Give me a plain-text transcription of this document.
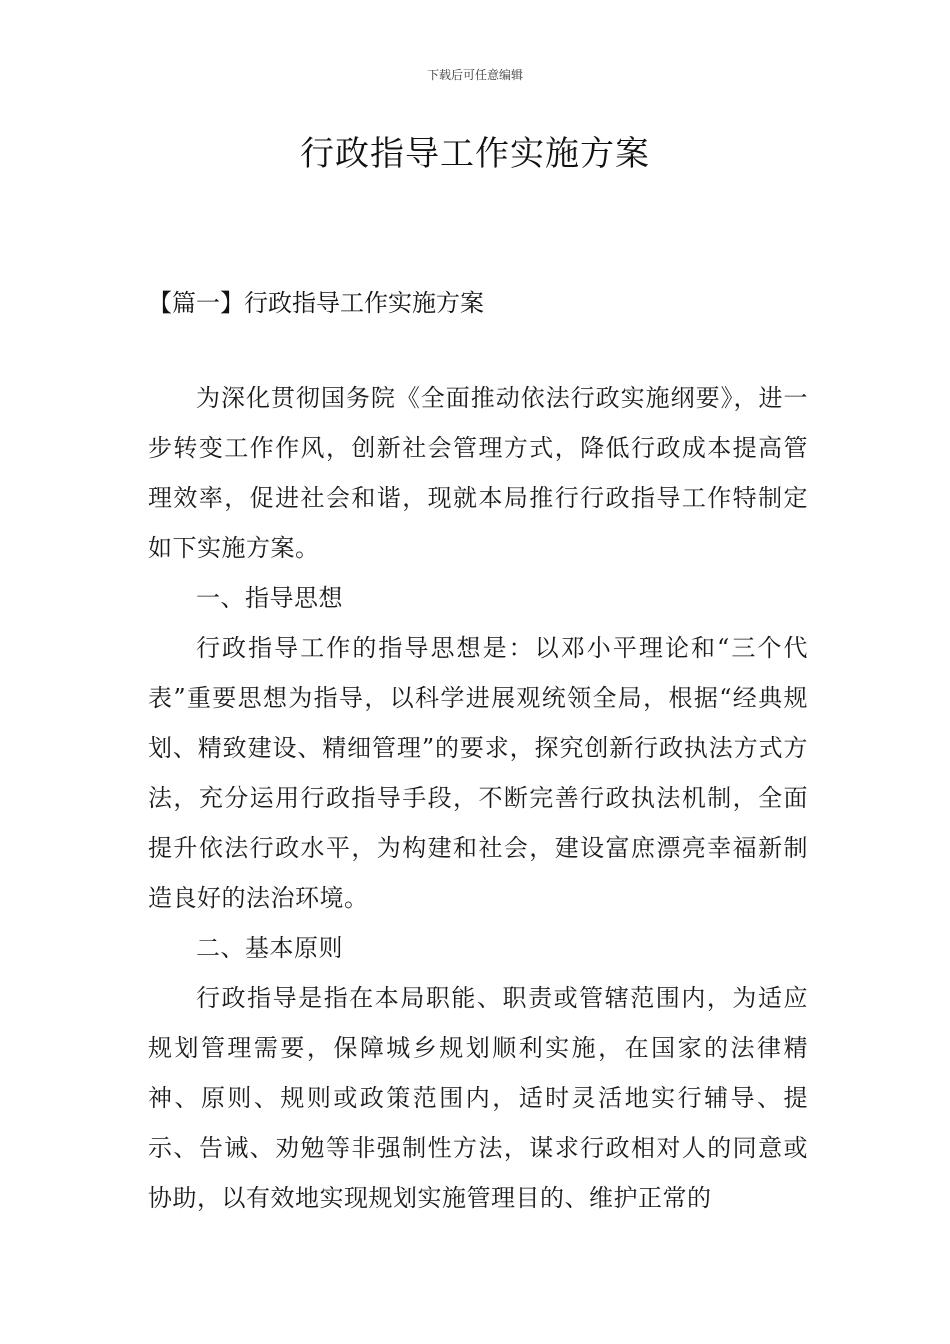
下载后可任意编辑
行政指导工作实施方案
【篇一】行政指导工作实施方案

为深化贯彻国务院《全面推动依法行政实施纲要》，进一步转变工作作风，创新社会管理方式，降低行政成本提高管理效率，促进社会和谐，现就本局推行行政指导工作特制定如下实施方案。

一、指导思想

行政指导工作的指导思想是：以邓小平理论和“三个代表”重要思想为指导，以科学进展观统领全局，根据“经典规划、精致建设、精细管理”的要求，探究创新行政执法方式方法，充分运用行政指导手段，不断完善行政执法机制，全面提升依法行政水平，为构建和社会，建设富庶漂亮幸福新制造良好的法治环境。

二、基本原则

行政指导是指在本局职能、职责或管辖范围内，为适应规划管理需要，保障城乡规划顺利实施，在国家的法律精神、原则、规则或政策范围内，适时灵活地实行辅导、提示、告诫、劝勉等非强制性方法，谋求行政相对人的同意或协助，以有效地实现规划实施管理目的、维护正常的
